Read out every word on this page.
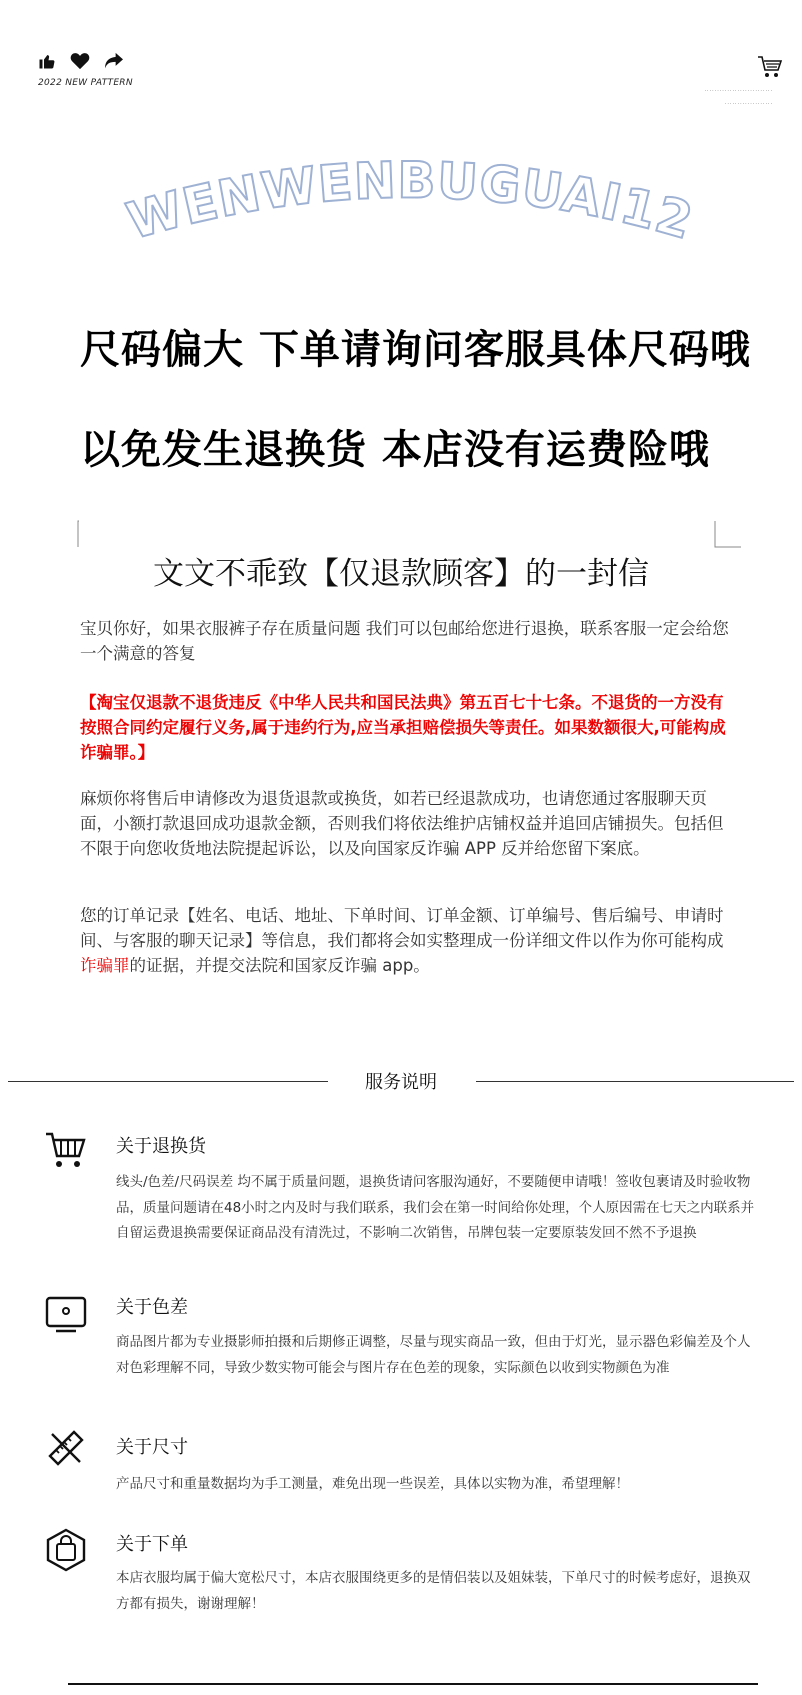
2022 NEW PATTERN
· · · · · · · · · · · · · · · · · · · · · · · · · · ·
· · · · · · · · · · · · · · · · · · ·
WENWENBUGUAI12
尺码偏大 下单请询问客服具体尺码哦
以免发生退换货 本店没有运费险哦
文文不乖致【仅退款顾客】的一封信
宝贝你好，如果衣服裤子存在质量问题 我们可以包邮给您进行退换，联系客服一定会给您一个满意的答复
【淘宝仅退款不退货违反《中华人民共和国民法典》第五百七十七条。不退货的一方没有按照合同约定履行义务,属于违约行为,应当承担赔偿损失等责任。如果数额很大,可能构成诈骗罪。】
麻烦你将售后申请修改为退货退款或换货，如若已经退款成功，也请您通过客服聊天页面，小额打款退回成功退款金额，否则我们将依法维护店铺权益并追回店铺损失。包括但不限于向您收货地法院提起诉讼，以及向国家反诈骗 APP 反并给您留下案底。
您的订单记录【姓名、电话、地址、下单时间、订单金额、订单编号、售后编号、申请时间、与客服的聊天记录】等信息，我们都将会如实整理成一份详细文件以作为你可能构成诈骗罪的证据，并提交法院和国家反诈骗 app。
服务说明
关于退换货
线头/色差/尺码误差 均不属于质量问题，退换货请问客服沟通好，不要随便申请哦！签收包裹请及时验收物品，质量问题请在48小时之内及时与我们联系，我们会在第一时间给你处理，个人原因需在七天之内联系并自留运费退换需要保证商品没有清洗过，不影响二次销售，吊牌包装一定要原装发回不然不予退换
关于色差
商品图片都为专业摄影师拍摄和后期修正调整，尽量与现实商品一致，但由于灯光，显示器色彩偏差及个人对色彩理解不同，导致少数实物可能会与图片存在色差的现象，实际颜色以收到实物颜色为准
关于尺寸
产品尺寸和重量数据均为手工测量，难免出现一些误差，具体以实物为准，希望理解！
关于下单
本店衣服均属于偏大宽松尺寸，本店衣服围绕更多的是情侣装以及姐妹装，下单尺寸的时候考虑好，退换双方都有损失，谢谢理解！
